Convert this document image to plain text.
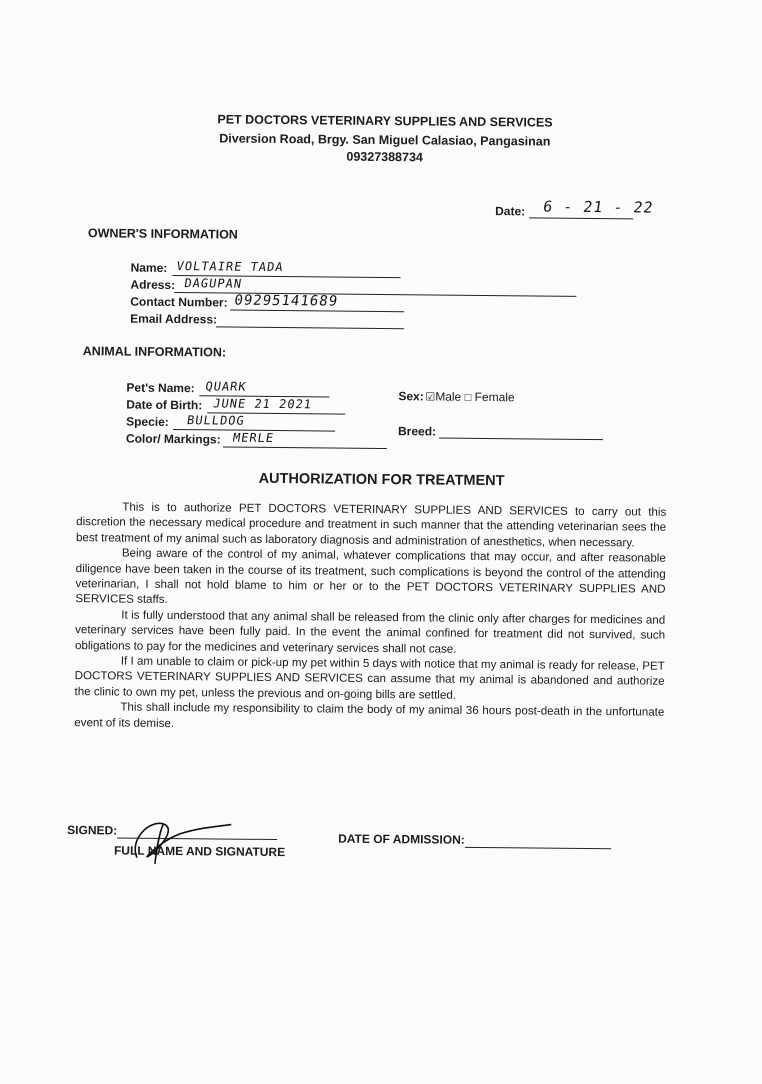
PET DOCTORS VETERINARY SUPPLIES AND SERVICES
Diversion Road, Brgy. San Miguel Calasiao, Pangasinan
09327388734
Date: 6 - 21 - 22
OWNER'S INFORMATION
Name: VOLTAIRE TADA
Adress: DAGUPAN
Contact Number: 09295141689
Email Address:
ANIMAL INFORMATION:
Pet's Name: QUARK
Date of Birth: JUNE 21 2021
Specie: BULLDOG
Color/ Markings: MERLE
Sex: ☑Male □ Female
Breed:
AUTHORIZATION FOR TREATMENT

This is to authorize PET DOCTORS VETERINARY SUPPLIES AND SERVICES to carry out this discretion the necessary medical procedure and treatment in such manner that the attending veterinarian sees the best treatment of my animal such as laboratory diagnosis and administration of anesthetics, when necessary.

Being aware of the control of my animal, whatever complications that may occur, and after reasonable diligence have been taken in the course of its treatment, such complications is beyond the control of the attending veterinarian, I shall not hold blame to him or her or to the PET DOCTORS VETERINARY SUPPLIES AND SERVICES staffs.

It is fully understood that any animal shall be released from the clinic only after charges for medicines and veterinary services have been fully paid. In the event the animal confined for treatment did not survived, such obligations to pay for the medicines and veterinary services shall not case.

If I am unable to claim or pick-up my pet within 5 days with notice that my animal is ready for release, PET DOCTORS VETERINARY SUPPLIES AND SERVICES can assume that my animal is abandoned and authorize the clinic to own my pet, unless the previous and on-going bills are settled.

This shall include my responsibility to claim the body of my animal 36 hours post-death in the unfortunate event of its demise.

SIGNED:
FULL NAME AND SIGNATURE
DATE OF ADMISSION:
